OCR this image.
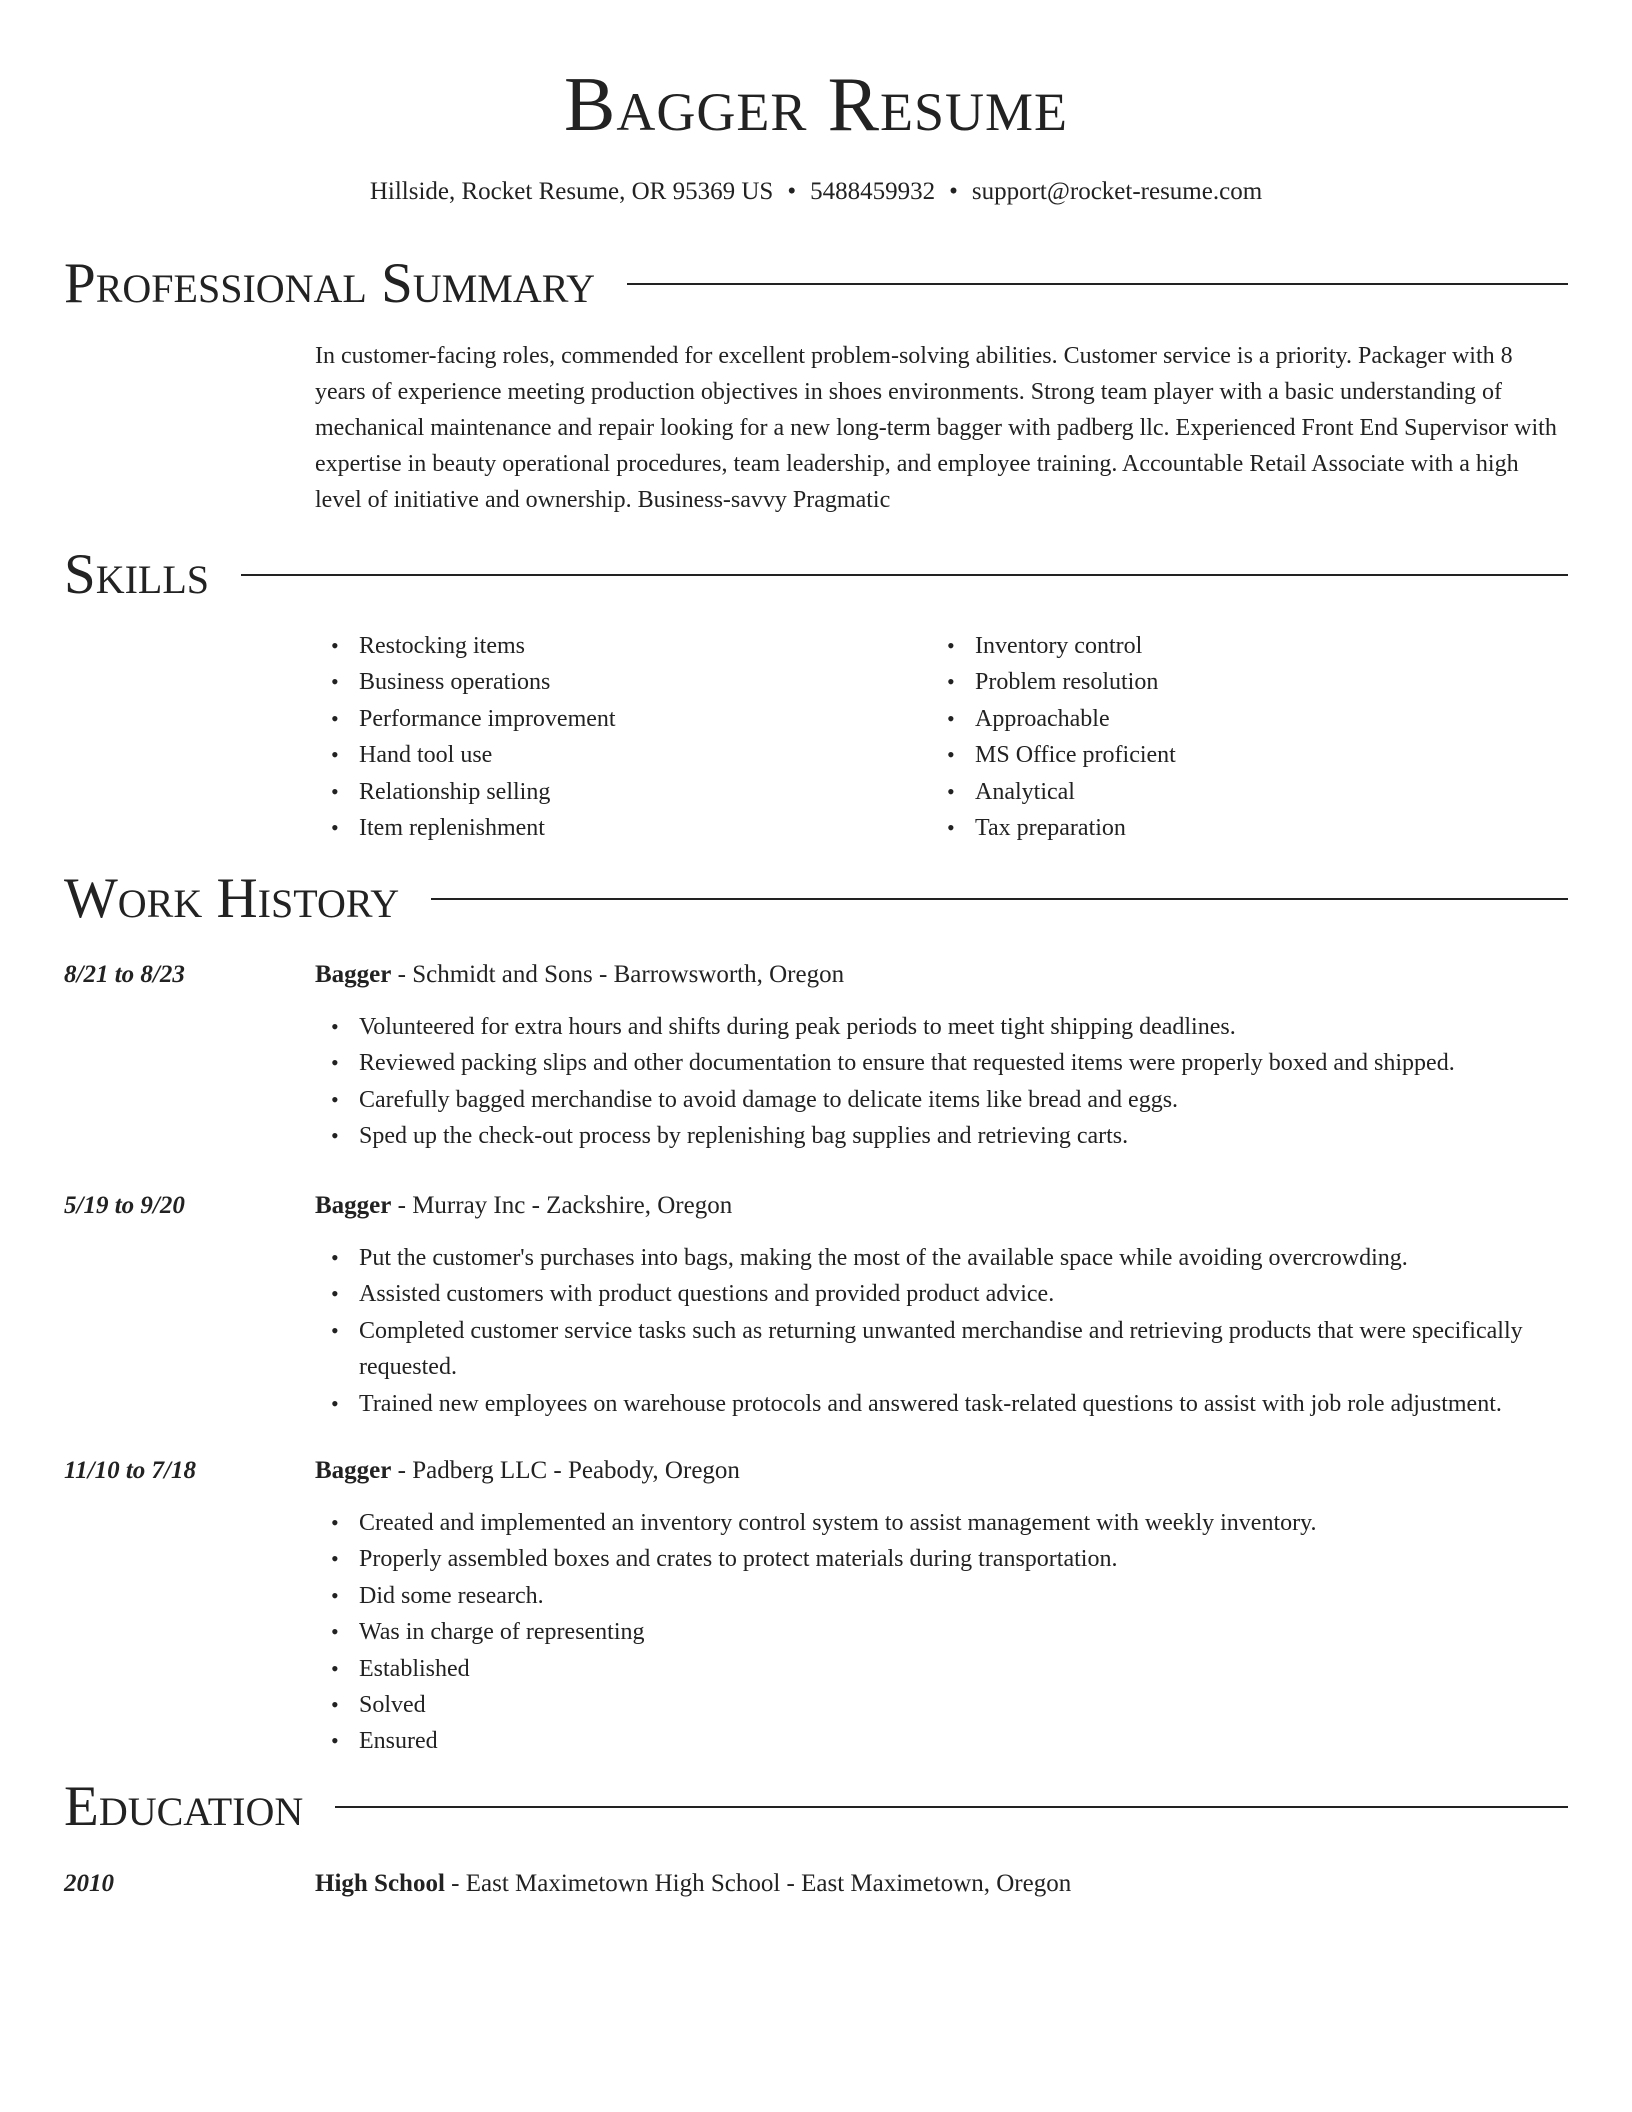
Bagger Resume
Hillside, Rocket Resume, OR 95369 US • 5488459932 • support@rocket-resume.com
Professional Summary
In customer-facing roles, commended for excellent problem-solving abilities. Customer service is a priority. Packager with 8 years of experience meeting production objectives in shoes environments. Strong team player with a basic understanding of mechanical maintenance and repair looking for a new long-term bagger with padberg llc. Experienced Front End Supervisor with expertise in beauty operational procedures, team leadership, and employee training. Accountable Retail Associate with a high level of initiative and ownership. Business-savvy Pragmatic
Skills
• Restocking items
• Business operations
• Performance improvement
• Hand tool use
• Relationship selling
• Item replenishment
• Inventory control
• Problem resolution
• Approachable
• MS Office proficient
• Analytical
• Tax preparation
Work History
8/21 to 8/23	Bagger - Schmidt and Sons - Barrowsworth, Oregon
• Volunteered for extra hours and shifts during peak periods to meet tight shipping deadlines.
• Reviewed packing slips and other documentation to ensure that requested items were properly boxed and shipped.
• Carefully bagged merchandise to avoid damage to delicate items like bread and eggs.
• Sped up the check-out process by replenishing bag supplies and retrieving carts.
5/19 to 9/20	Bagger - Murray Inc - Zackshire, Oregon
• Put the customer's purchases into bags, making the most of the available space while avoiding overcrowding.
• Assisted customers with product questions and provided product advice.
• Completed customer service tasks such as returning unwanted merchandise and retrieving products that were specifically requested.
• Trained new employees on warehouse protocols and answered task-related questions to assist with job role adjustment.
11/10 to 7/18	Bagger - Padberg LLC - Peabody, Oregon
• Created and implemented an inventory control system to assist management with weekly inventory.
• Properly assembled boxes and crates to protect materials during transportation.
• Did some research.
• Was in charge of representing
• Established
• Solved
• Ensured
Education
2010	High School - East Maximetown High School - East Maximetown, Oregon
